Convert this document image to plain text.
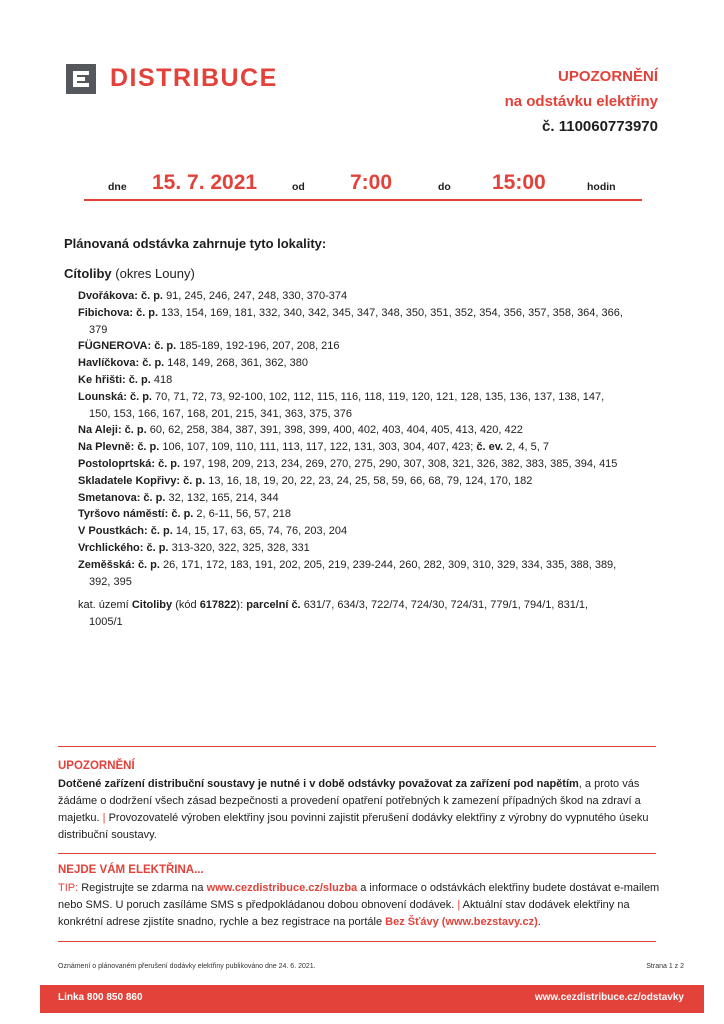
DISTRIBUCE	UPOZORNĚNÍ
na odstávku elektřiny
č. 110060773970
dne 15. 7. 2021	od 7:00	do 15:00	hodin
Plánovaná odstávka zahrnuje tyto lokality:
Cítoliby (okres Louny)
Dvořákova: č. p. 91, 245, 246, 247, 248, 330, 370-374
Fibichova: č. p. 133, 154, 169, 181, 332, 340, 342, 345, 347, 348, 350, 351, 352, 354, 356, 357, 358, 364, 366,
379
FÜGNEROVA: č. p. 185-189, 192-196, 207, 208, 216
Havlíčkova: č. p. 148, 149, 268, 361, 362, 380
Ke hřišti: č. p. 418
Lounská: č. p. 70, 71, 72, 73, 92-100, 102, 112, 115, 116, 118, 119, 120, 121, 128, 135, 136, 137, 138, 147,
150, 153, 166, 167, 168, 201, 215, 341, 363, 375, 376
Na Aleji: č. p. 60, 62, 258, 384, 387, 391, 398, 399, 400, 402, 403, 404, 405, 413, 420, 422
Na Plevně: č. p. 106, 107, 109, 110, 111, 113, 117, 122, 131, 303, 304, 407, 423; č. ev. 2, 4, 5, 7
Postoloprtská: č. p. 197, 198, 209, 213, 234, 269, 270, 275, 290, 307, 308, 321, 326, 382, 383, 385, 394, 415
Skladatele Kopřivy: č. p. 13, 16, 18, 19, 20, 22, 23, 24, 25, 58, 59, 66, 68, 79, 124, 170, 182
Smetanova: č. p. 32, 132, 165, 214, 344
Tyršovo náměstí: č. p. 2, 6-11, 56, 57, 218
V Poustkách: č. p. 14, 15, 17, 63, 65, 74, 76, 203, 204
Vrchlického: č. p. 313-320, 322, 325, 328, 331
Zeměšská: č. p. 26, 171, 172, 183, 191, 202, 205, 219, 239-244, 260, 282, 309, 310, 329, 334, 335, 388, 389,
392, 395
kat. území Citoliby (kód 617822): parcelní č. 631/7, 634/3, 722/74, 724/30, 724/31, 779/1, 794/1, 831/1,
1005/1
UPOZORNĚNÍ
Dotčené zařízení distribuční soustavy je nutné i v době odstávky považovat za zařízení pod napětím, a proto vás žádáme o dodržení všech zásad bezpečnosti a provedení opatření potřebných k zamezení případných škod na zdraví a majetku. | Provozovatelé výroben elektřiny jsou povinni zajistit přerušení dodávky elektřiny z výrobny do vypnutého úseku distribuční soustavy.
NEJDE VÁM ELEKTŘINA...
TIP: Registrujte se zdarma na www.cezdistribuce.cz/sluzba a informace o odstávkách elektřiny budete dostávat e-mailem nebo SMS. U poruch zasíláme SMS s předpokládanou dobou obnovení dodávek. | Aktuální stav dodávek elektřiny na konkrétní adrese zjistíte snadno, rychle a bez registrace na portále Bez Šťávy (www.bezstavy.cz).
Oznámení o plánovaném přerušení dodávky elektřiny publikováno dne 24. 6. 2021.	Strana 1 z 2
Linka 800 850 860	www.cezdistribuce.cz/odstavky
